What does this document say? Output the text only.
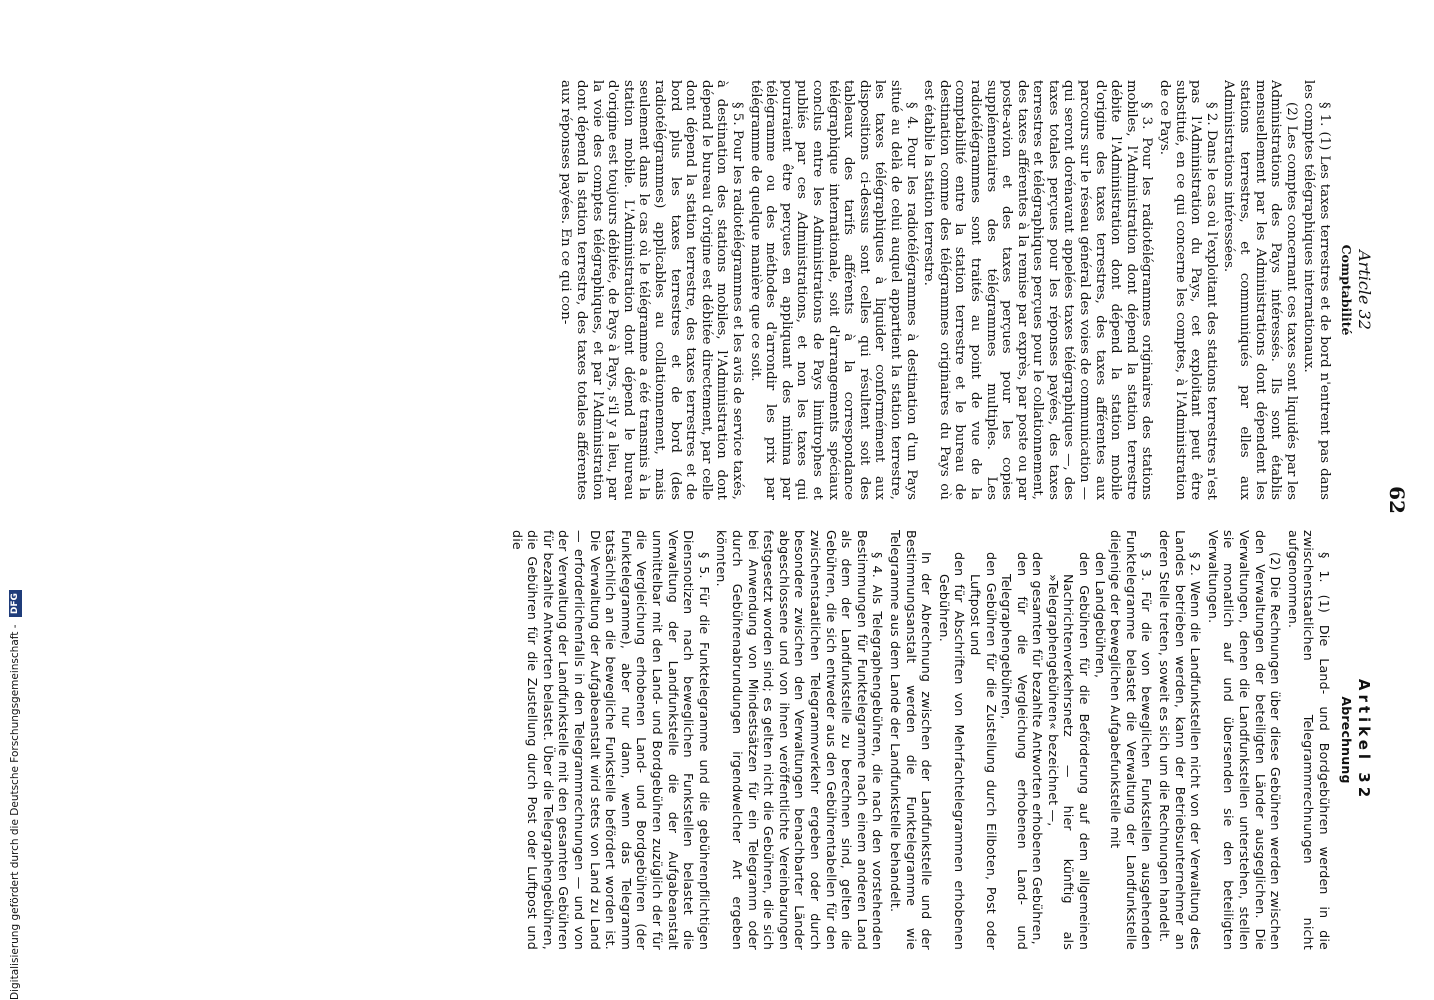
62
Article 32
Comptabilité

§ 1. (1) Les taxes terrestres et de bord n'entrent pas dans les comptes télégraphiques internationaux.

(2) Les comptes concernant ces taxes sont liquidés par les Administrations des Pays intéressés. Ils sont établis mensuellement par les Administrations dont dépendent les stations terrestres, et communiqués par elles aux Administrations intéressées.

§ 2. Dans le cas où l'exploitant des stations terrestres n'est pas l'Administration du Pays, cet exploitant peut être substitué, en ce qui concerne les comptes, à l'Administration de ce Pays.

§ 3. Pour les radiotélégrammes originaires des stations mobiles, l'Administration dont dépend la station terrestre débite l'Administration dont dépend la station mobile d'origine des taxes terrestres, des taxes afférentes aux parcours sur le réseau général des voies de communication — qui seront dorénavant appelées taxes télégraphiques —, des taxes totales perçues pour les réponses payées, des taxes terrestres et télégraphiques perçues pour le collationnement, des taxes afférentes à la remise par exprès, par poste ou par poste-avion et des taxes perçues pour les copies supplémentaires des télégrammes multiples. Les radiotélégrammes sont traités au point de vue de la comptabilité entre la station terrestre et le bureau de destination comme des télégrammes originaires du Pays où est établie la station terrestre.

§ 4. Pour les radiotélégrammes à destination d'un Pays situé au delà de celui auquel appartient la station terrestre, les taxes télégraphiques à liquider conformément aux dispositions ci-dessus sont celles qui résultent soit des tableaux des tarifs afférents à la correspondance télégraphique internationale, soit d'arrangements spéciaux conclus entre les Administrations de Pays limitrophes et publiés par ces Administrations, et non les taxes qui pourraient être perçues en appliquant des minima par télégramme ou des méthodes d'arrondir les prix par télégramme de quelque manière que ce soit.

§ 5. Pour les radiotélégrammes et les avis de service taxés, à destination des stations mobiles, l'Administration dont dépend le bureau d'origine est débitée directement, par celle dont dépend la station terrestre, des taxes terrestres et de bord plus les taxes terrestres et de bord (des radiotélégrammes) applicables au collationnement, mais seulement dans le cas où le télégramme a été transmis à la station mobile. L'Administration dont dépend le bureau d'origine est toujours débitée, de Pays à Pays, s'il y a lieu, par la voie des comptes télégraphiques, et par l'Administration dont dépend la station terrestre, des taxes totales afférentes aux réponses payées. En ce qui con-

Artikel 32
Abrechnung

§ 1. (1) Die Land- und Bordgebühren werden in die zwischenstaatlichen Telegrammrechnungen nicht aufgenommen.

(2) Die Rechnungen über diese Gebühren werden zwischen den Verwaltungen der beteiligten Länder ausgeglichen. Die Verwaltungen, denen die Landfunkstellen unterstehen, stellen sie monatlich auf und übersenden sie den beteiligten Verwaltungen.

§ 2. Wenn die Landfunkstellen nicht von der Verwaltung des Landes betrieben werden, kann der Betriebsunternehmer an deren Stelle treten, soweit es sich um die Rechnungen handelt.

§ 3. Für die von beweglichen Funkstellen ausgehenden Funktelegramme belastet die Verwaltung der Landfunkstelle diejenige der beweglichen Aufgabefunkstelle mit

den Landgebühren,
den Gebühren für die Beförderung auf dem allgemeinen Nachrichtenverkehrsnetz — hier künftig als »Telegraphengebühren« bezeichnet —,
den gesamten für bezahlte Antworten erhobenen Gebühren,
den für die Vergleichung erhobenen Land- und Telegraphengebühren,
den Gebühren für die Zustellung durch Eilboten, Post oder Luftpost und
den für Abschriften von Mehrfachtelegrammen erhobenen Gebühren.

In der Abrechnung zwischen der Landfunkstelle und der Bestimmungsanstalt werden die Funktelegramme wie Telegramme aus dem Lande der Landfunkstelle behandelt.

§ 4. Als Telegraphengebühren, die nach den vorstehenden Bestimmungen für Funktelegramme nach einem anderen Land als dem der Landfunkstelle zu berechnen sind, gelten die Gebühren, die sich entweder aus den Gebührentabellen für den zwischenstaatlichen Telegrammverkehr ergeben oder durch besondere zwischen den Verwaltungen benachbarter Länder abgeschlossene und von ihnen veröffentlichte Vereinbarungen festgesetzt worden sind; es gelten nicht die Gebühren, die sich bei Anwendung von Mindestsätzen für ein Telegramm oder durch Gebührenabrundungen irgendwelcher Art ergeben könnten.

§ 5. Für die Funktelegramme und die gebührenpflichtigen Diensnotizen nach beweglichen Funkstellen belastet die Verwaltung der Landfunkstelle die der Aufgabeanstalt unmittelbar mit den Land- und Bordgebühren zuzüglich der für die Vergleichung erhobenen Land- und Bordgebühren (der Funktelegramme), aber nur dann, wenn das Telegramm tatsächlich an die bewegliche Funkstelle befördert worden ist. Die Verwaltung der Aufgabeanstalt wird stets von Land zu Land — erforderlichenfalls in den Telegrammrechnungen — und von der Verwaltung der Landfunkstelle mit den gesamten Gebühren für bezahlte Antworten belastet. Über die Telegraphengebühren, die Gebühren für die Zustellung durch Post oder Luftpost und die

Digitalisierung gefördert durch die Deutsche Forschungsgemeinschaft - DFG
